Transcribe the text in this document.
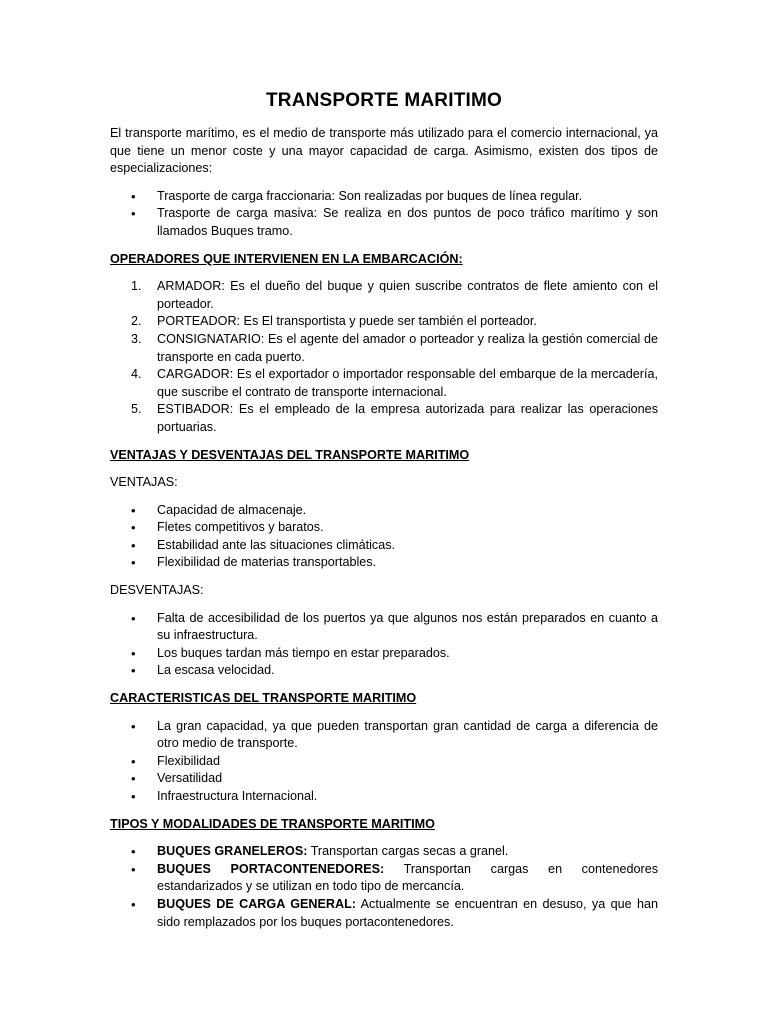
TRANSPORTE MARITIMO

El transporte marítimo, es el medio de transporte más utilizado para el comercio internacional, ya que tiene un menor coste y una mayor capacidad de carga. Asimismo, existen dos tipos de especializaciones:

• Trasporte de carga fraccionaria: Son realizadas por buques de línea regular.
• Trasporte de carga masiva: Se realiza en dos puntos de poco tráfico marítimo y son llamados Buques tramo.
OPERADORES QUE INTERVIENEN EN LA EMBARCACIÓN:
1. ARMADOR: Es el dueño del buque y quien suscribe contratos de flete amiento con el porteador.
2. PORTEADOR: Es El transportista y puede ser también el porteador.
3. CONSIGNATARIO: Es el agente del amador o porteador y realiza la gestión comercial de transporte en cada puerto.
4. CARGADOR: Es el exportador o importador responsable del embarque de la mercadería, que suscribe el contrato de transporte internacional.
5. ESTIBADOR: Es el empleado de la empresa autorizada para realizar las operaciones portuarias.
VENTAJAS Y DESVENTAJAS DEL TRANSPORTE MARITIMO
VENTAJAS:
• Capacidad de almacenaje.
• Fletes competitivos y baratos.
• Estabilidad ante las situaciones climáticas.
• Flexibilidad de materias transportables.
DESVENTAJAS:
• Falta de accesibilidad de los puertos ya que algunos nos están preparados en cuanto a su infraestructura.
• Los buques tardan más tiempo en estar preparados.
• La escasa velocidad.
CARACTERISTICAS DEL TRANSPORTE MARITIMO
• La gran capacidad, ya que pueden transportan gran cantidad de carga a diferencia de otro medio de transporte.
• Flexibilidad
• Versatilidad
• Infraestructura Internacional.
TIPOS Y MODALIDADES DE TRANSPORTE MARITIMO
• BUQUES GRANELEROS: Transportan cargas secas a granel.
• BUQUES PORTACONTENEDORES: Transportan cargas en contenedores estandarizados y se utilizan en todo tipo de mercancía.
• BUQUES DE CARGA GENERAL: Actualmente se encuentran en desuso, ya que han sido remplazados por los buques portacontenedores.
